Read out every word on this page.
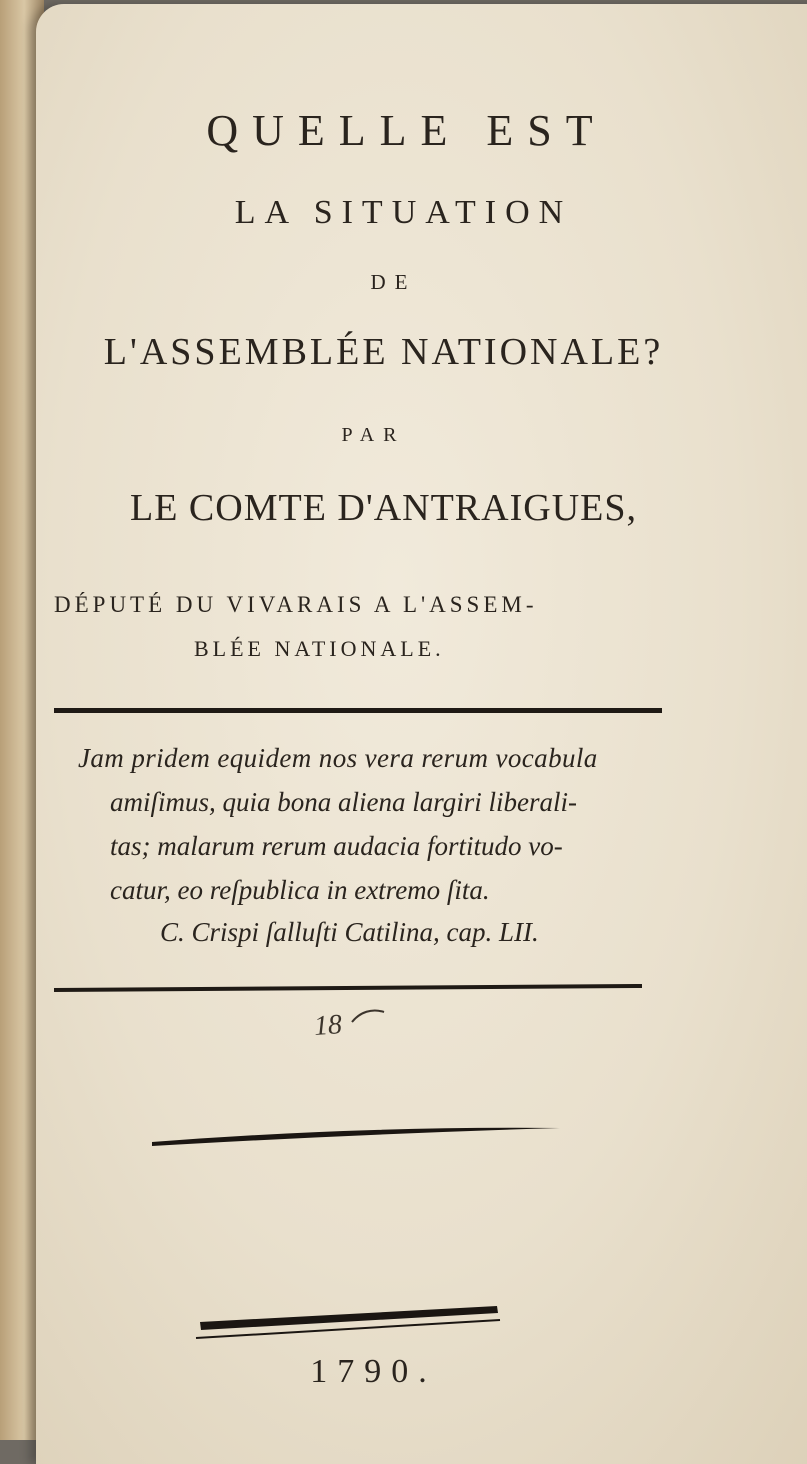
QUELLE EST
LA SITUATION
DE
L'ASSEMBLÉE NATIONALE?
PAR
LE COMTE D'ANTRAIGUES,
DÉPUTÉ DU VIVARAIS A L'ASSEM-
BLÉE NATIONALE.
Jam pridem equidem nos vera rerum vocabula
amiſimus, quia bona aliena largiri liberali-
tas; malarum rerum audacia fortitudo vo-
catur, eo reſpublica in extremo ſita.
C. Crispi ſalluſti Catilina, cap. LII.
18
1790.
